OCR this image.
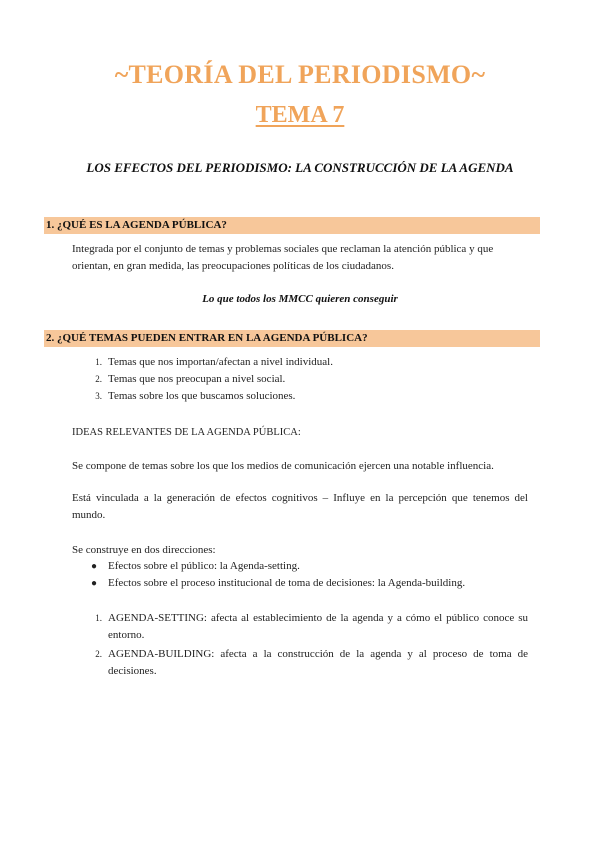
~TEORÍA DEL PERIODISMO~
TEMA 7
LOS EFECTOS DEL PERIODISMO: LA CONSTRUCCIÓN DE LA AGENDA
1. ¿QUÉ ES LA AGENDA PÚBLICA?
Integrada por el conjunto de temas y problemas sociales que reclaman la atención pública y que orientan, en gran medida, las preocupaciones políticas de los ciudadanos.
Lo que todos los MMCC quieren conseguir
2. ¿QUÉ TEMAS PUEDEN ENTRAR EN LA AGENDA PÚBLICA?
1. Temas que nos importan/afectan a nivel individual.
2. Temas que nos preocupan a nivel social.
3. Temas sobre los que buscamos soluciones.
IDEAS RELEVANTES DE LA AGENDA PÚBLICA:
Se compone de temas sobre los que los medios de comunicación ejercen una notable influencia.
Está vinculada a la generación de efectos cognitivos – Influye en la percepción que tenemos del mundo.
Se construye en dos direcciones:
● Efectos sobre el público: la Agenda-setting.
● Efectos sobre el proceso institucional de toma de decisiones: la Agenda-building.
1. AGENDA-SETTING: afecta al establecimiento de la agenda y a cómo el público conoce su entorno.
2. AGENDA-BUILDING: afecta a la construcción de la agenda y al proceso de toma de decisiones.
